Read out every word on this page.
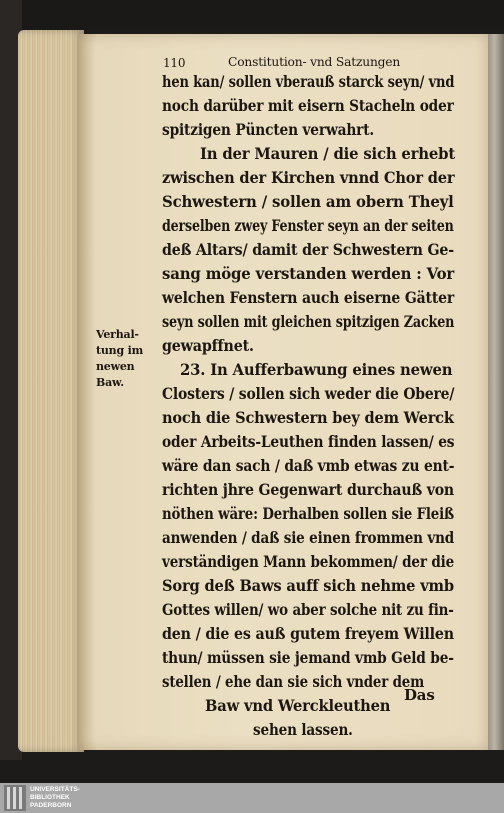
110	Constitution- vnd Satzungen
hen kan/ sollen vberauß starck seyn/ vnd
noch darüber mit eisern Stacheln oder
spitzigen Püncten verwahrt.
In der Mauren / die sich erhebt
zwischen der Kirchen vnnd Chor der
Schwestern / sollen am obern Theyl
derselben zwey Fenster seyn an der seiten
deß Altars/ damit der Schwestern Ge-
sang möge verstanden werden : Vor
welchen Fenstern auch eiserne Gätter
seyn sollen mit gleichen spitzigen Zacken
gewapffnet.
23. In Aufferbawung eines newen
Closters / sollen sich weder die Obere/
noch die Schwestern bey dem Werck
oder Arbeits-Leuthen finden lassen/ es
wäre dan sach / daß vmb etwas zu ent-
richten jhre Gegenwart durchauß von
nöthen wäre: Derhalben sollen sie Fleiß
anwenden / daß sie einen frommen vnd
verständigen Mann bekommen/ der die
Sorg deß Baws auff sich nehme vmb
Gottes willen/ wo aber solche nit zu fin-
den / die es auß gutem freyem Willen
thun/ müssen sie jemand vmb Geld be-
stellen / ehe dan sie sich vnder dem
Baw vnd Werckleuthen
sehen lassen.
Verhal-
tung im
newen
Baw.
Das
UNIVERSITÄTS-
BIBLIOTHEK
PADERBORN
